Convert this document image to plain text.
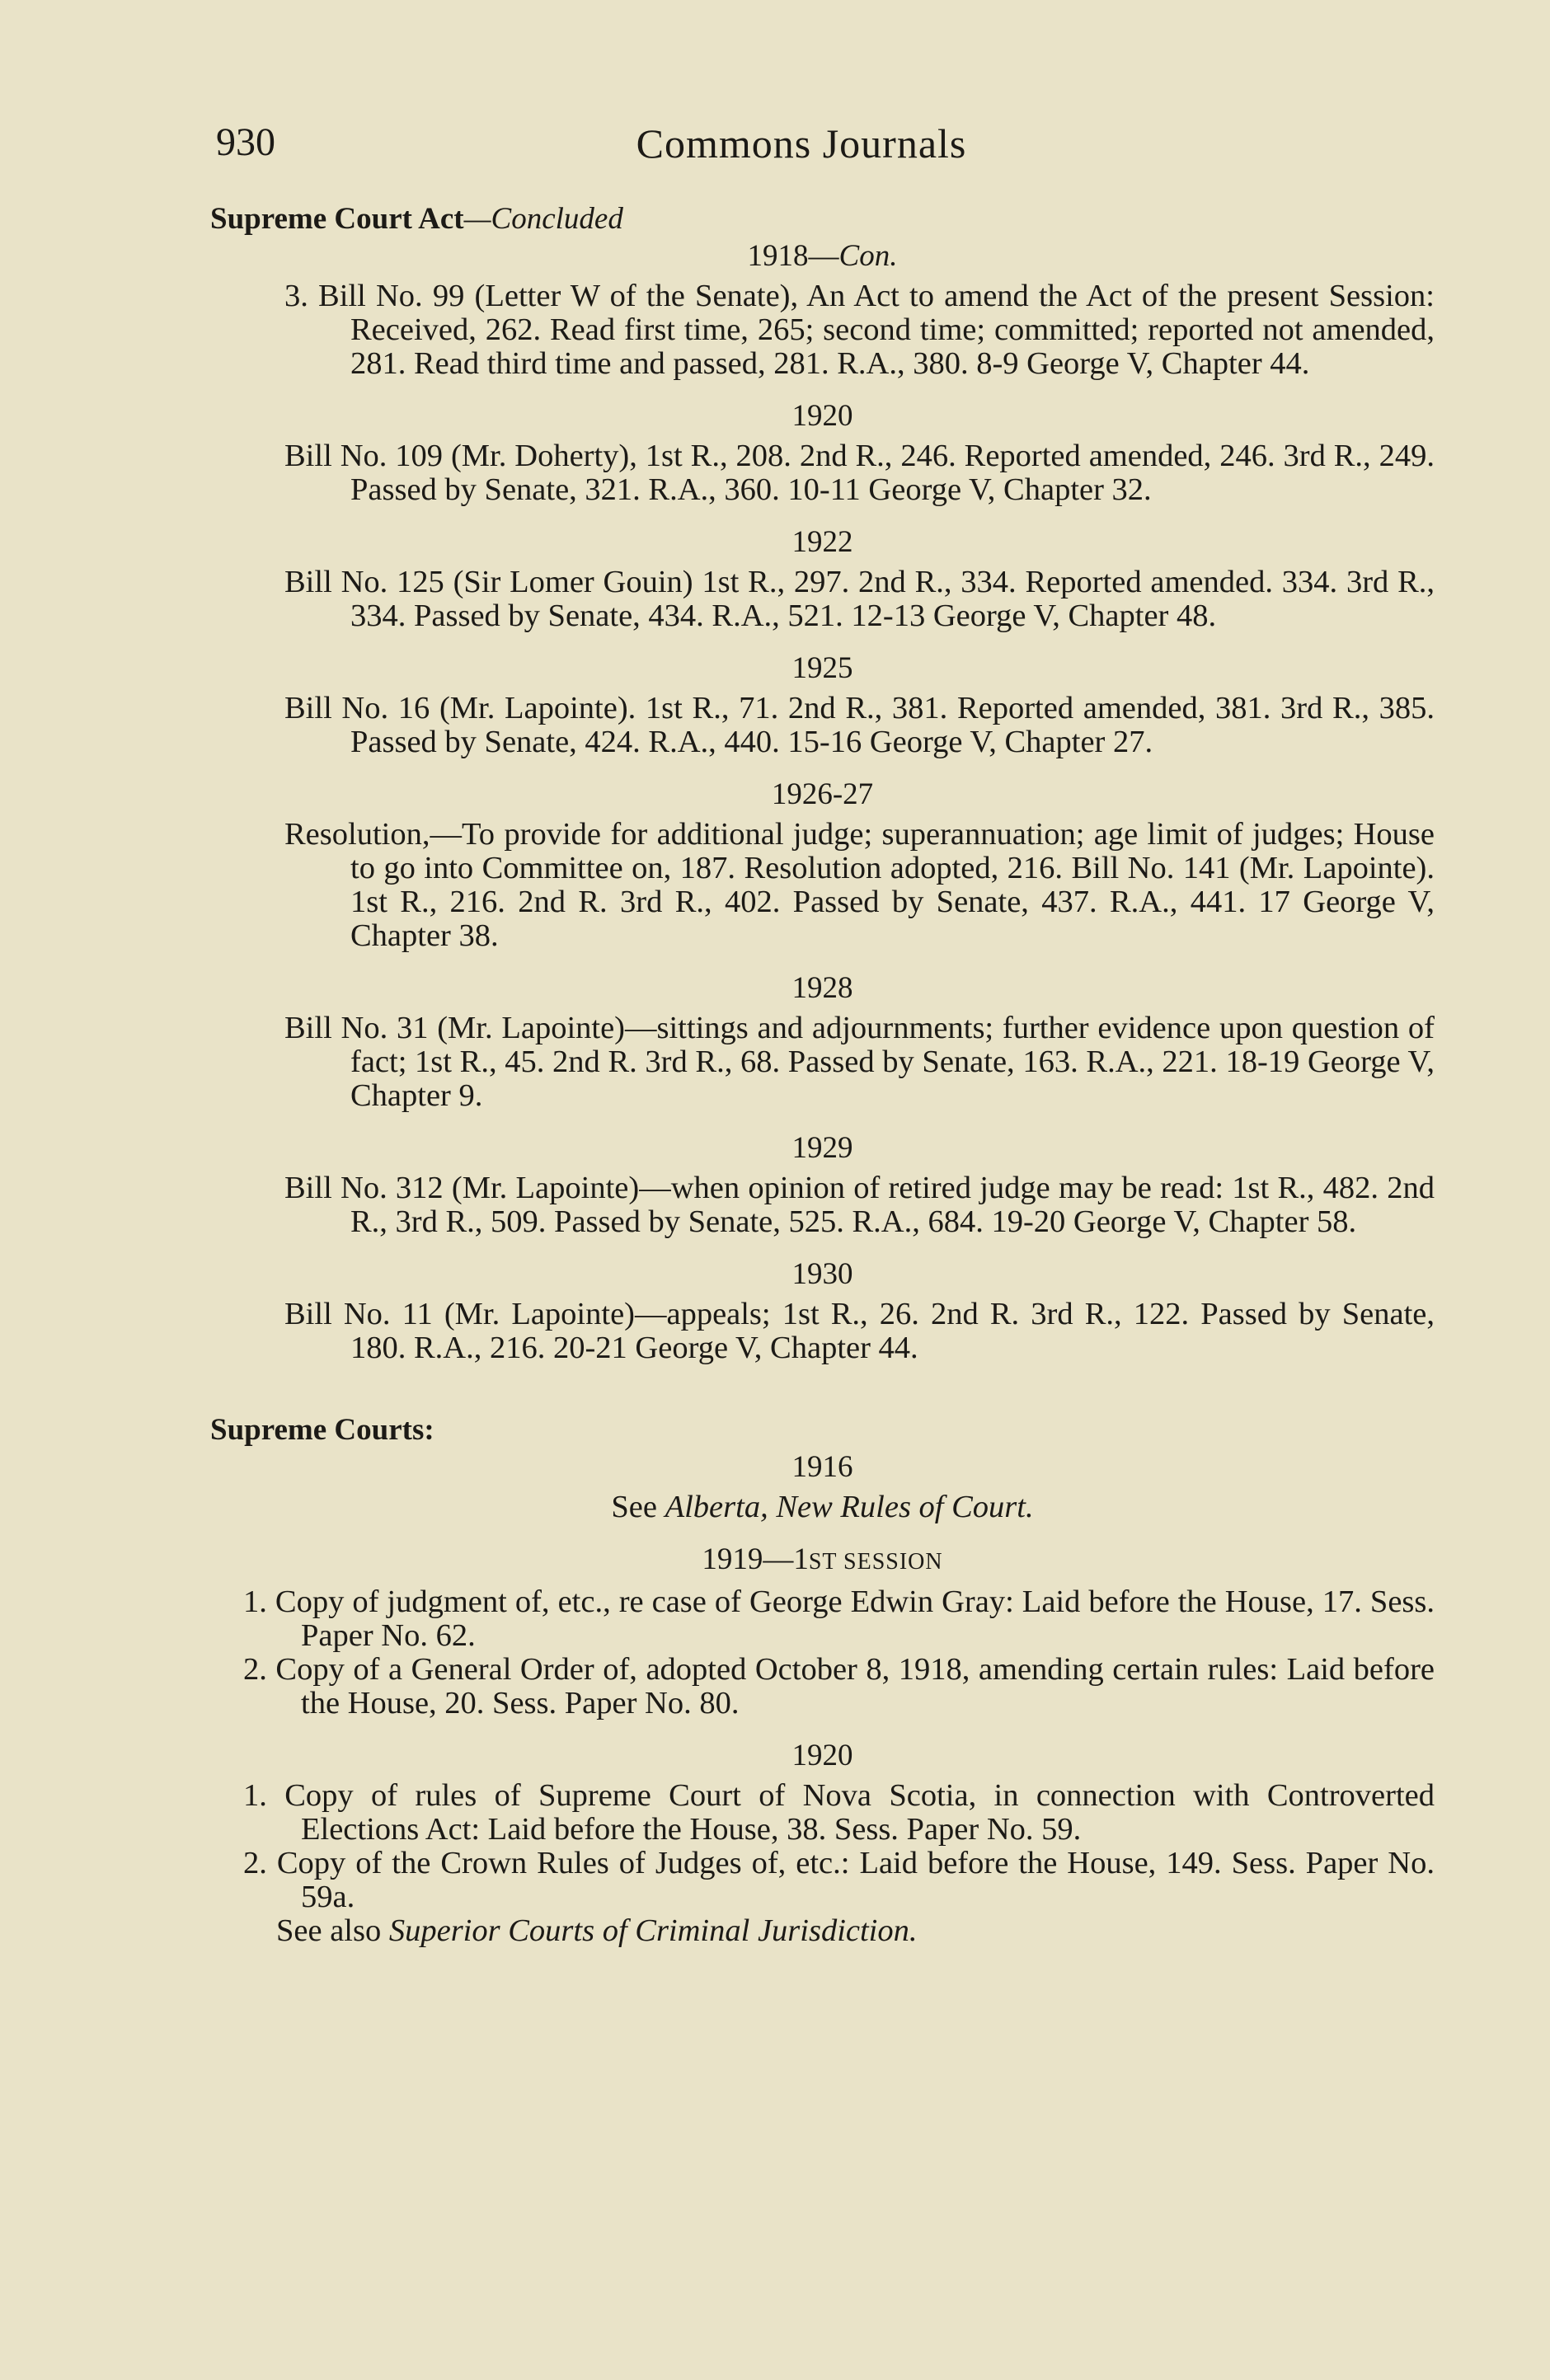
930	Commons Journals
Supreme Court Act—Concluded
1918—Con.
3. Bill No. 99 (Letter W of the Senate), An Act to amend the Act of the present Session: Received, 262. Read first time, 265; second time; committed; reported not amended, 281. Read third time and passed, 281. R.A., 380. 8-9 George V, Chapter 44.
1920
Bill No. 109 (Mr. Doherty), 1st R., 208. 2nd R., 246. Reported amended, 246. 3rd R., 249. Passed by Senate, 321. R.A., 360. 10-11 George V, Chapter 32.
1922
Bill No. 125 (Sir Lomer Gouin) 1st R., 297. 2nd R., 334. Reported amended. 334. 3rd R., 334. Passed by Senate, 434. R.A., 521. 12-13 George V, Chapter 48.
1925
Bill No. 16 (Mr. Lapointe). 1st R., 71. 2nd R., 381. Reported amended, 381. 3rd R., 385. Passed by Senate, 424. R.A., 440. 15-16 George V, Chapter 27.
1926-27
Resolution,—To provide for additional judge; superannuation; age limit of judges; House to go into Committee on, 187. Resolution adopted, 216. Bill No. 141 (Mr. Lapointe). 1st R., 216. 2nd R. 3rd R., 402. Passed by Senate, 437. R.A., 441. 17 George V, Chapter 38.
1928
Bill No. 31 (Mr. Lapointe)—sittings and adjournments; further evidence upon question of fact; 1st R., 45. 2nd R. 3rd R., 68. Passed by Senate, 163. R.A., 221. 18-19 George V, Chapter 9.
1929
Bill No. 312 (Mr. Lapointe)—when opinion of retired judge may be read: 1st R., 482. 2nd R., 3rd R., 509. Passed by Senate, 525. R.A., 684. 19-20 George V, Chapter 58.
1930
Bill No. 11 (Mr. Lapointe)—appeals; 1st R., 26. 2nd R. 3rd R., 122. Passed by Senate, 180. R.A., 216. 20-21 George V, Chapter 44.
Supreme Courts:
1916
See Alberta, New Rules of Court.
1919—1ST SESSION
1. Copy of judgment of, etc., re case of George Edwin Gray: Laid before the House, 17. Sess. Paper No. 62.
2. Copy of a General Order of, adopted October 8, 1918, amending certain rules: Laid before the House, 20. Sess. Paper No. 80.
1920
1. Copy of rules of Supreme Court of Nova Scotia, in connection with Controverted Elections Act: Laid before the House, 38. Sess. Paper No. 59.
2. Copy of the Crown Rules of Judges of, etc.: Laid before the House, 149. Sess. Paper No. 59a.
See also Superior Courts of Criminal Jurisdiction.
